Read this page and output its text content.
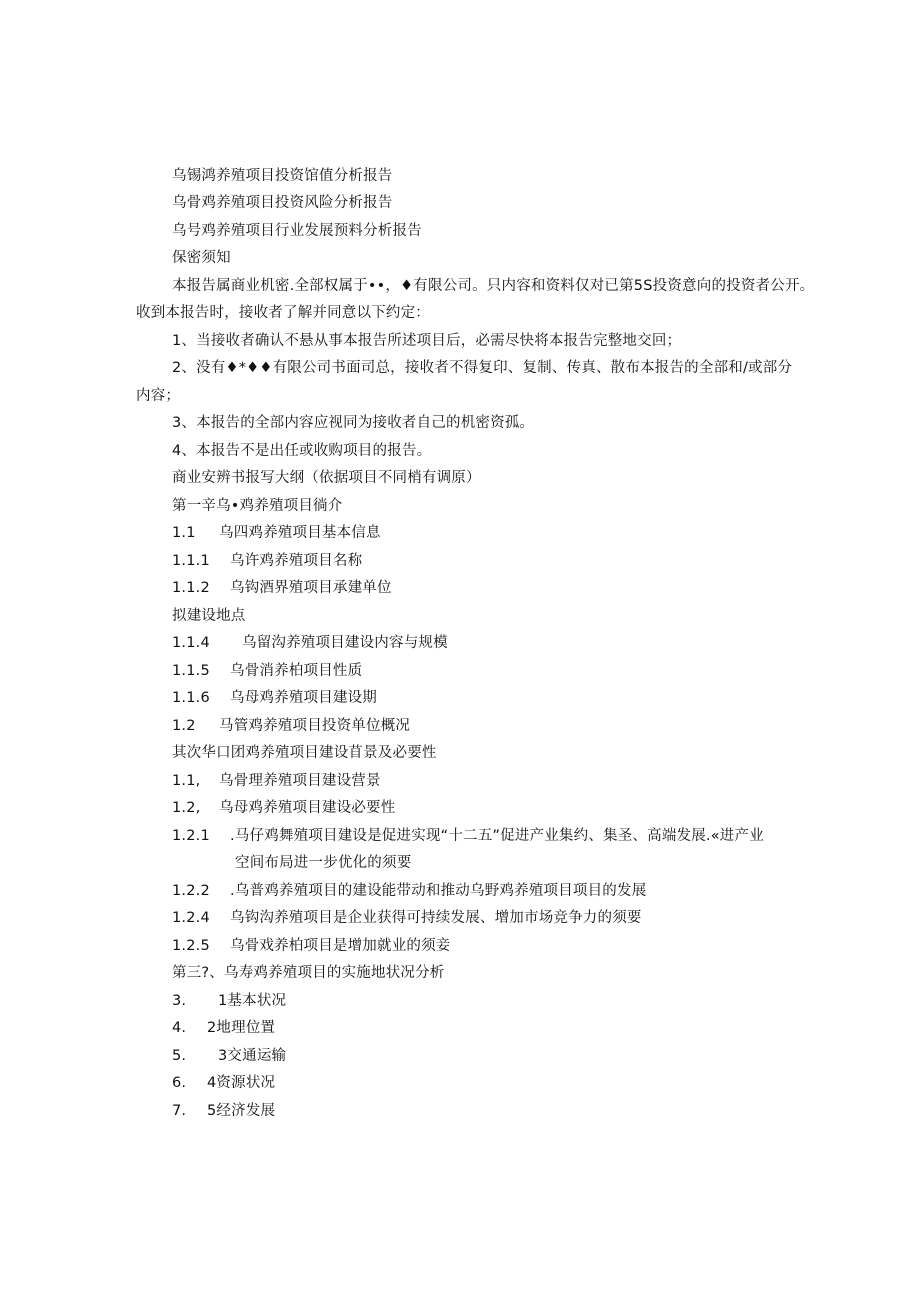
乌锡鸿养殖项目投资馆值分析报告
乌骨鸡养殖项目投资风险分析报告
乌号鸡养殖项目行业发展预料分析报告
保密须知
本报告属商业机密.全部权属于••，♦有限公司。只内容和资料仅对已第5S投资意向的投资者公开。
收到本报告时，接收者了解并同意以下约定：
1、当接收者确认不悬从事本报告所述项目后，必需尽快将本报告完整地交回；
2、没有♦*♦♦有限公司书面司总，接收者不得复印、复制、传真、散布本报告的全部和/或部分
内容；
3、本报告的全部内容应视同为接收者自己的机密资孤。
4、本报告不是出任或收购项目的报告。
商业安辨书报写大纲（依据项目不同梢有调原）
第一辛乌•鸡养殖项目徜介
1.1 乌四鸡养殖项目基本信息
1.1.1 乌许鸡养殖项目名称
1.1.2 乌钩酒界殖项目承建单位
拟建设地点
1.1.4 乌留沟养殖项目建设内容与规模
1.1.5 乌骨消养柏项目性质
1.1.6 乌母鸡养殖项目建设期
1.2 马管鸡养殖项目投资单位概况
其次华口团鸡养殖项目建设苜景及必要性
1.1, 乌骨理养殖项目建设营景
1.2, 乌母鸡养殖项目建设必要性
1.2.1 .马仔鸡舞殖项目建设是促进实现“十二五”促进产业集约、集圣、高端发展.«进产业
空间布局进一步优化的须要
1.2.2 .乌普鸡养殖项目的建设能带动和推动乌野鸡养殖项目项目的发展
1.2.4 乌钩沟养殖项目是企业获得可持续发展、增加市场竞争力的须要
1.2.5 乌骨戏养柏项目是增加就业的须妾
第三?、乌寿鸡养殖项目的实施地状况分析
3. 1基本状况
4. 2地理位置
5. 3交通运输
6. 4资源状况
7. 5经济发展
